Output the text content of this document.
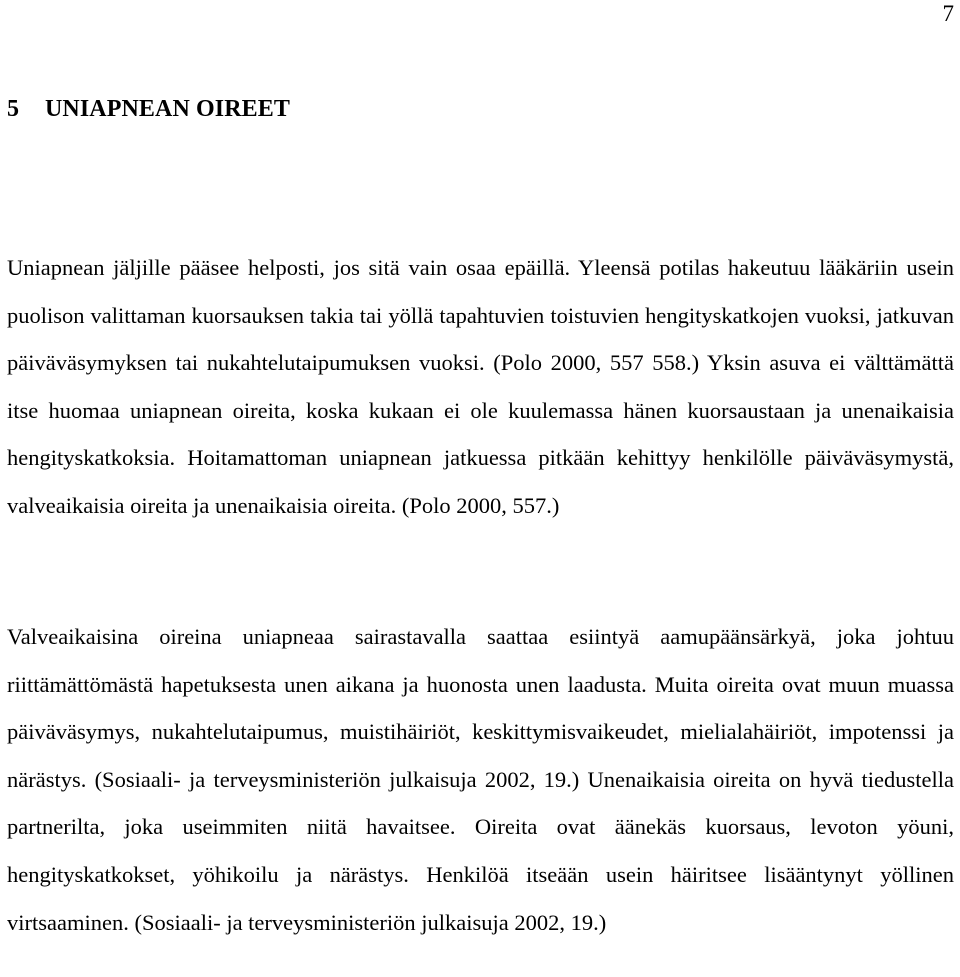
7
5 UNIAPNEAN OIREET

Uniapnean jäljille pääsee helposti, jos sitä vain osaa epäillä. Yleensä potilas hakeutuu lääkäriin usein puolison valittaman kuorsauksen takia tai yöllä tapahtuvien toistuvien hengityskatkojen vuoksi, jatkuvan päiväväsymyksen tai nukahtelutaipumuksen vuoksi. (Polo 2000, 557 558.) Yksin asuva ei välttämättä itse huomaa uniapnean oireita, koska kukaan ei ole kuulemassa hänen kuorsaustaan ja unenaikaisia hengityskatkoksia. Hoitamattoman uniapnean jatkuessa pitkään kehittyy henkilölle päiväväsymystä, valveaikaisia oireita ja unenaikaisia oireita. (Polo 2000, 557.)

Valveaikaisina oireina uniapneaa sairastavalla saattaa esiintyä aamupäänsärkyä, joka johtuu riittämättömästä hapetuksesta unen aikana ja huonosta unen laadusta. Muita oireita ovat muun muassa päiväväsymys, nukahtelutaipumus, muistihäiriöt, keskittymisvaikeudet, mielialahäiriöt, impotenssi ja närästys. (Sosiaali- ja terveysministeriön julkaisuja 2002, 19.) Unenaikaisia oireita on hyvä tiedustella partnerilta, joka useimmiten niitä havaitsee. Oireita ovat äänekäs kuorsaus, levoton yöuni, hengityskatkokset, yöhikoilu ja närästys. Henkilöä itseään usein häiritsee lisääntynyt yöllinen virtsaaminen. (Sosiaali- ja terveysministeriön julkaisuja 2002, 19.)
